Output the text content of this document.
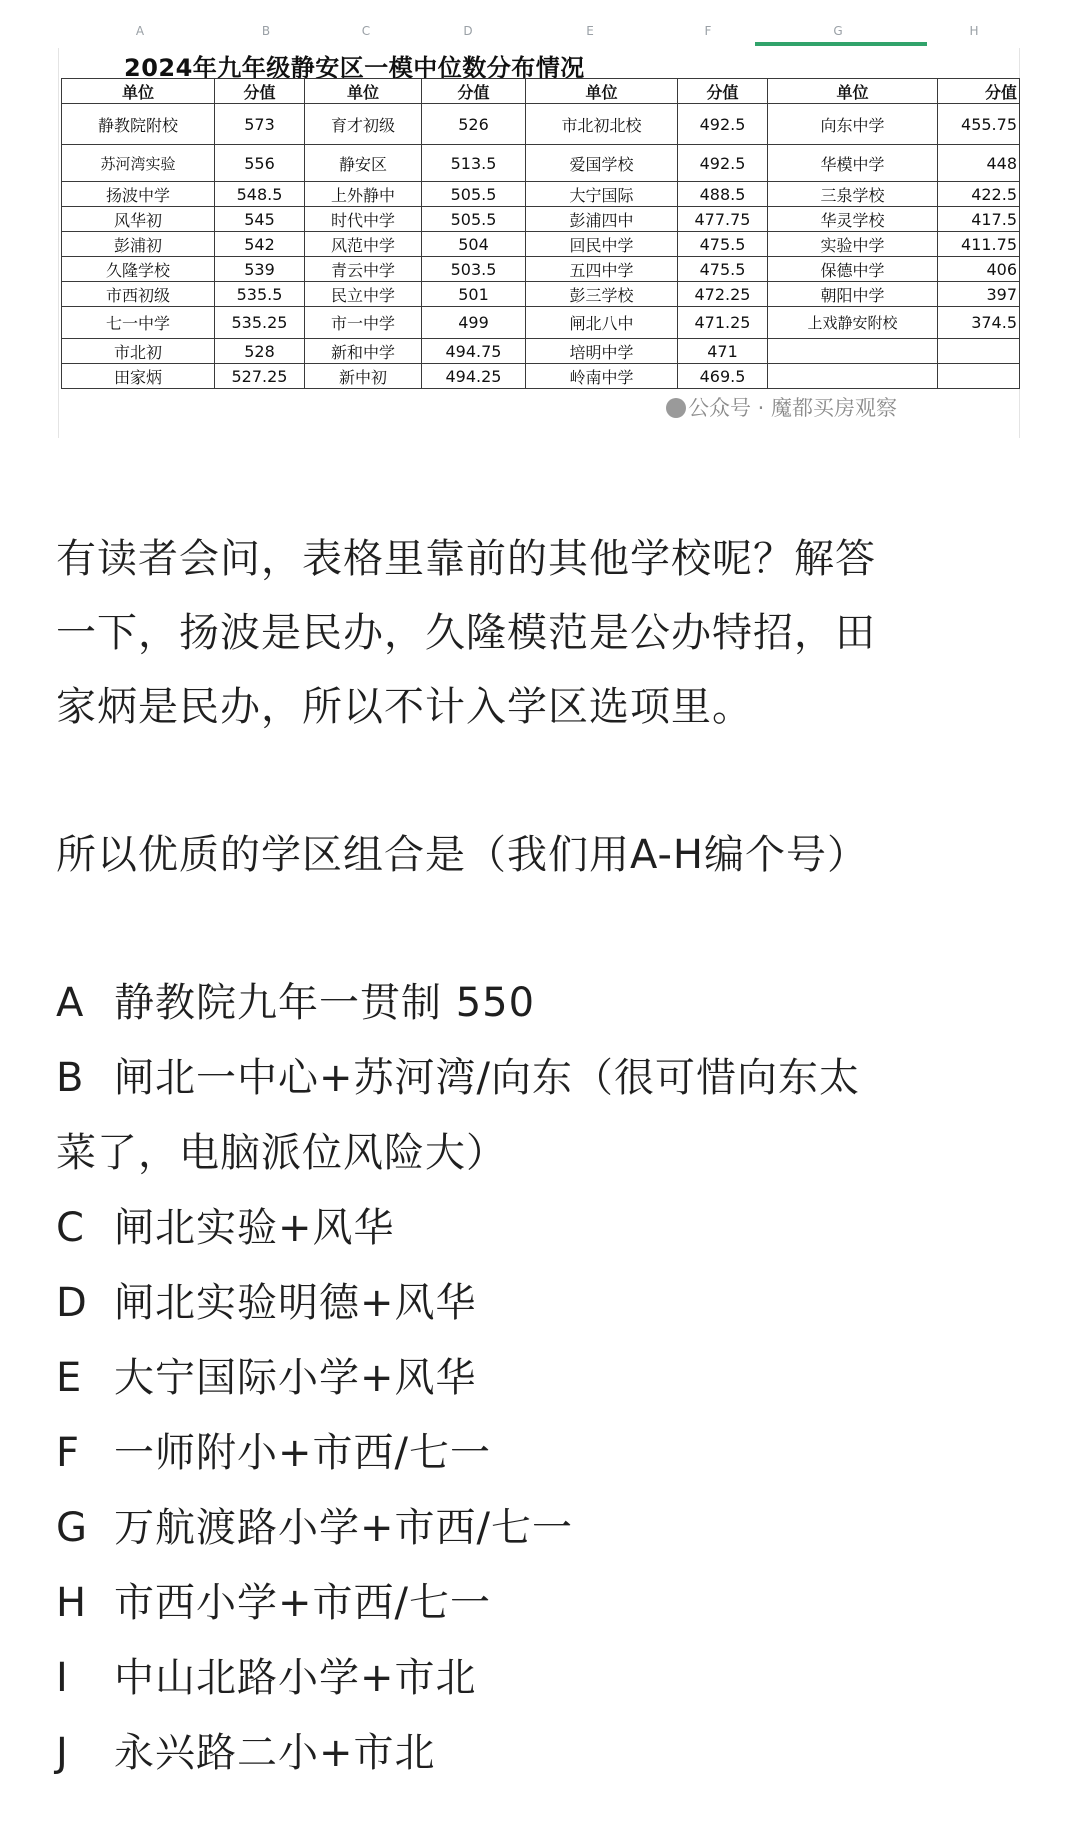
A	B	C	D	E	F	G	H
2024年九年级静安区一模中位数分布情况
单位	分值	单位	分值	单位	分值	单位	分值
静教院附校	573	育才初级	526	市北初北校	492.5	向东中学	455.75
苏河湾实验	556	静安区	513.5	爱国学校	492.5	华模中学	448
扬波中学	548.5	上外静中	505.5	大宁国际	488.5	三泉学校	422.5
风华初	545	时代中学	505.5	彭浦四中	477.75	华灵学校	417.5
彭浦初	542	风范中学	504	回民中学	475.5	实验中学	411.75
久隆学校	539	青云中学	503.5	五四中学	475.5	保德中学	406
市西初级	535.5	民立中学	501	彭三学校	472.25	朝阳中学	397
七一中学	535.25	市一中学	499	闸北八中	471.25	上戏静安附校	374.5
市北初	528	新和中学	494.75	培明中学	471		
田家炳	527.25	新中初	494.25	岭南中学	469.5		
公众号 · 魔都买房观察

有读者会问，表格里靠前的其他学校呢？解答

一下，扬波是民办，久隆模范是公办特招，田

家炳是民办，所以不计入学区选项里。

所以优质的学区组合是（我们用A-H编个号）

A 静教院九年一贯制 550

B 闸北一中心+苏河湾/向东（很可惜向东太

菜了，电脑派位风险大）

C 闸北实验+风华

D 闸北实验明德+风华

E 大宁国际小学+风华

F 一师附小+市西/七一

G 万航渡路小学+市西/七一

H 市西小学+市西/七一

I 中山北路小学+市北

J 永兴路二小+市北
